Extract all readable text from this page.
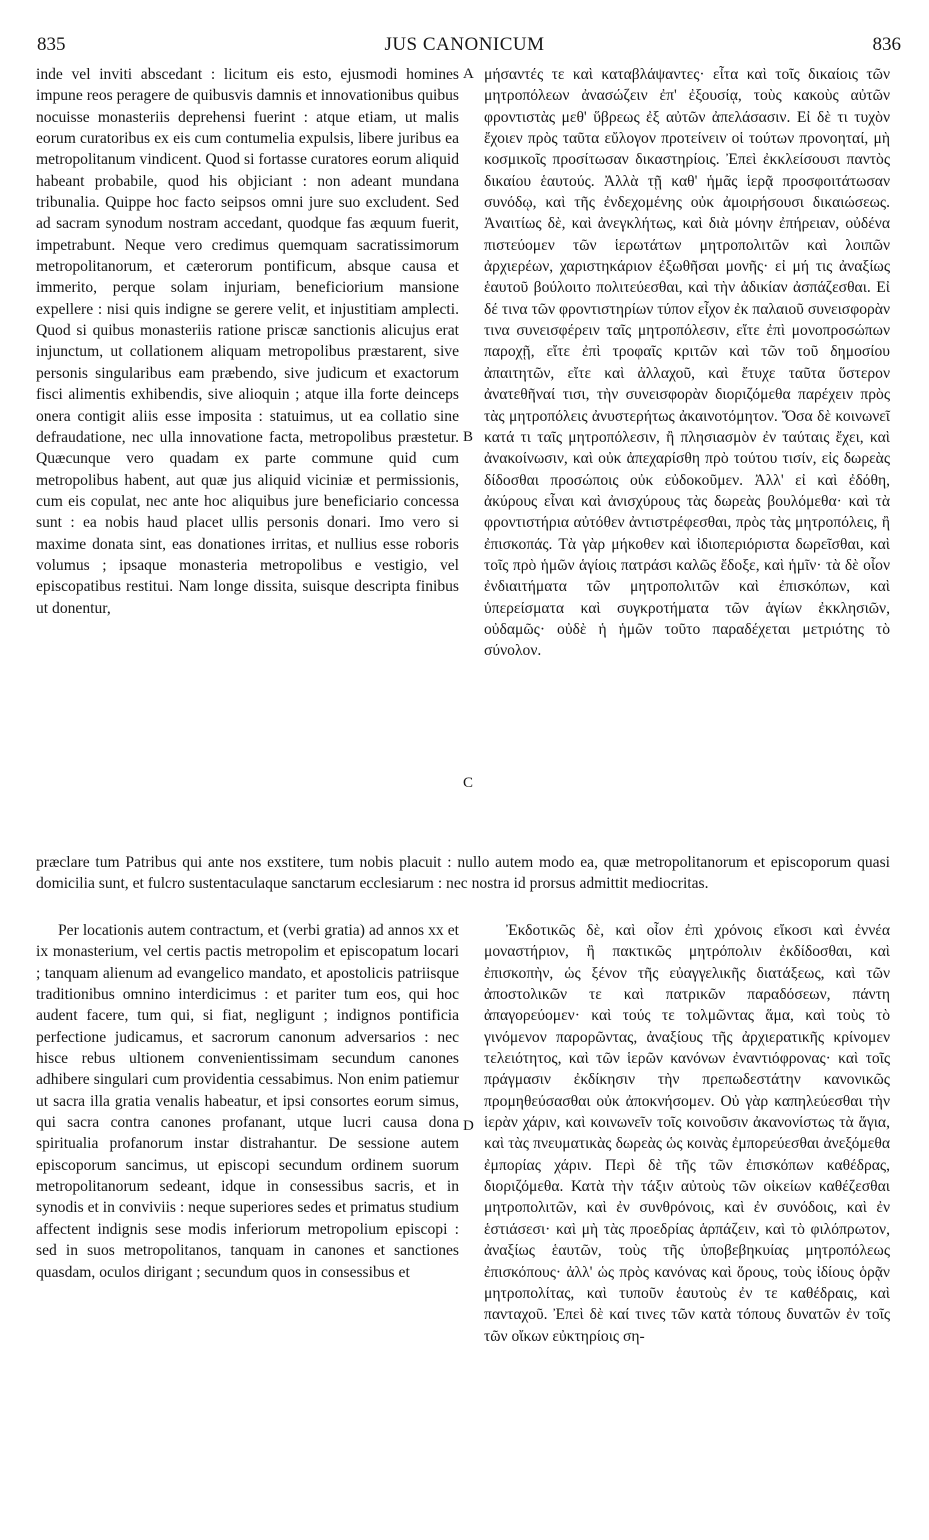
835	JUS CANONICUM	836

inde vel inviti abscedant : licitum eis esto, ejusmodi homines impune reos peragere de quibusvis damnis et innovationibus quibus nocuisse monasteriis deprehensi fuerint : atque etiam, ut malis eorum curatoribus ex eis cum contumelia expulsis, libere juribus ea metropolitanum vindicent. Quod si fortasse curatores eorum aliquid habeant probabile, quod his objiciant : non adeant mundana tribunalia. Quippe hoc facto seipsos omni jure suo excludent. Sed ad sacram synodum nostram accedant, quodque fas æquum fuerit, impetrabunt. Neque vero credimus quemquam sacratissimorum metropolitanorum, et cæterorum pontificum, absque causa et immerito, perque solam injuriam, beneficiorium mansione expellere : nisi quis indigne se gerere velit, et injustitiam amplecti. Quod si quibus monasteriis ratione priscæ sanctionis alicujus erat injunctum, ut collationem aliquam metropolibus præstarent, sive personis singularibus eam præbendo, sive judicum et exactorum fisci alimentis exhibendis, sive alioquin ; atque illa forte deinceps onera contigit aliis esse imposita : statuimus, ut ea collatio sine defraudatione, nec ulla innovatione facta, metropolibus præstetur. Quæcunque vero quadam ex parte commune quid cum metropolibus habent, aut quæ jus aliquid viciniæ et permissionis, cum eis copulat, nec ante hoc aliquibus jure beneficiario concessa sunt : ea nobis haud placet ullis personis donari. Imo vero si maxime donata sint, eas donationes irritas, et nullius esse roboris volumus ; ipsaque monasteria metropolibus e vestigio, vel episcopatibus restitui. Nam longe dissita, suisque descripta finibus ut donentur,

A
B
C
D

μήσαντές τε καὶ καταβλάψαντες· εἶτα καὶ τοῖς δικαίοις τῶν μητροπόλεων ἀνασώζειν ἐπ' ἐξουσίᾳ, τοὺς κακοὺς αὐτῶν φροντιστὰς μεθ' ὕβρεως ἐξ αὐτῶν ἀπελάσασιν. Εἰ δὲ τι τυχὸν ἔχοιεν πρὸς ταῦτα εὔλογον προτείνειν οἱ τούτων προνοηταί, μὴ κοσμικοῖς προσίτωσαν δικαστηρίοις. Ἐπεὶ ἐκκλείσουσι παντὸς δικαίου ἑαυτούς. Ἀλλὰ τῇ καθ' ἡμᾶς ἱερᾷ προσφοιτάτωσαν συνόδῳ, καὶ τῆς ἐνδεχομένης οὐκ ἀμοιρήσουσι δικαιώσεως. Ἀναιτίως δὲ, καὶ ἀνεγκλήτως, καὶ διὰ μόνην ἐπήρειαν, οὐδένα πιστεύομεν τῶν ἱερωτάτων μητροπολιτῶν καὶ λοιπῶν ἀρχιερέων, χαριστηκάριον ἐξωθῆσαι μονῆς· εἰ μή τις ἀναξίως ἑαυτοῦ βούλοιτο πολιτεύεσθαι, καὶ τὴν ἀδικίαν ἀσπάζεσθαι. Εἰ δέ τινα τῶν φροντιστηρίων τύπον εἶχον ἐκ παλαιοῦ συνεισφορὰν τινα συνεισφέρειν ταῖς μητροπόλεσιν, εἴτε ἐπὶ μονοπροσώπων παροχῇ, εἴτε ἐπὶ τροφαῖς κριτῶν καὶ τῶν τοῦ δημοσίου ἀπαιτητῶν, εἴτε καὶ ἀλλαχοῦ, καὶ ἔτυχε ταῦτα ὕστερον ἀνατεθῆναί τισι, τὴν συνεισφορὰν διοριζόμεθα παρέχειν πρὸς τὰς μητροπόλεις ἀνυστερήτως ἀκαινοτόμητον. Ὅσα δὲ κοινωνεῖ κατά τι ταῖς μητροπόλεσιν, ἢ πλησιασμὸν ἐν ταύταις ἔχει, καὶ ἀνακοίνωσιν, καὶ οὐκ ἀπεχαρίσθη πρὸ τούτου τισίν, εἰς δωρεὰς δίδοσθαι προσώποις οὐκ εὐδοκοῦμεν. Ἀλλ' εἰ καὶ ἐδόθη, ἀκύρους εἶναι καὶ ἀνισχύρους τὰς δωρεὰς βουλόμεθα· καὶ τὰ φροντιστήρια αὐτόθεν ἀντιστρέφεσθαι, πρὸς τὰς μητροπόλεις, ἢ ἐπισκοπάς. Τὰ γὰρ μήκοθεν καὶ ἰδιοπεριόριστα δωρεῖσθαι, καὶ τοῖς πρὸ ἡμῶν ἁγίοις πατράσι καλῶς ἔδοξε, καὶ ἡμῖν· τὰ δὲ οἷον ἐνδιαιτήματα τῶν μητροπολιτῶν καὶ ἐπισκόπων, καὶ ὑπερείσματα καὶ συγκροτήματα τῶν ἁγίων ἐκκλησιῶν, οὐδαμῶς· οὐδὲ ἡ ἡμῶν τοῦτο παραδέχεται μετριότης τὸ σύνολον.

præclare tum Patribus qui ante nos exstitere, tum nobis placuit : nullo autem modo ea, quæ metropolitanorum et episcoporum quasi domicilia sunt, et fulcro sustentaculaque sanctarum ecclesiarum : nec nostra id prorsus admittit mediocritas.

Per locationis autem contractum, et (verbi gratia) ad annos xx et ix monasterium, vel certis pactis metropolim et episcopatum locari ; tanquam alienum ad evangelico mandato, et apostolicis patriisque traditionibus omnino interdicimus : et pariter tum eos, qui hoc audent facere, tum qui, si fiat, negligunt ; indignos pontificia perfectione judicamus, et sacrorum canonum adversarios : nec hisce rebus ultionem convenientissimam secundum canones adhibere singulari cum providentia cessabimus. Non enim patiemur ut sacra illa gratia venalis habeatur, et ipsi consortes eorum simus, qui sacra contra canones profanant, utque lucri causa dona spiritualia profanorum instar distrahantur. De sessione autem episcoporum sancimus, ut episcopi secundum ordinem suorum metropolitanorum sedeant, idque in consessibus sacris, et in synodis et in conviviis : neque superiores sedes et primatus studium affectent indignis sese modis inferiorum metropolium episcopi : sed in suos metropolitanos, tanquam in canones et sanctiones quasdam, oculos dirigant ; secundum quos in consessibus et

Ἐκδοτικῶς δὲ, καὶ οἷον ἐπὶ χρόνοις εἴκοσι καὶ ἐννέα μοναστήριον, ἢ πακτικῶς μητρόπολιν ἐκδίδοσθαι, καὶ ἐπισκοπὴν, ὡς ξένον τῆς εὐαγγελικῆς διατάξεως, καὶ τῶν ἀποστολικῶν τε καὶ πατρικῶν παραδόσεων, πάντη ἀπαγορεύομεν· καὶ τούς τε τολμῶντας ἅμα, καὶ τοὺς τὸ γινόμενον παρορῶντας, ἀναξίους τῆς ἀρχιερατικῆς κρίνομεν τελειότητος, καὶ τῶν ἱερῶν κανόνων ἐναντιόφρονας· καὶ τοῖς πράγμασιν ἐκδίκησιν τὴν πρεπωδεστάτην κανονικῶς προμηθεύσασθαι οὐκ ἀποκνήσομεν. Οὐ γὰρ καπηλεύεσθαι τὴν ἱερὰν χάριν, καὶ κοινωνεῖν τοῖς κοινοῦσιν ἀκανονίστως τὰ ἅγια, καὶ τὰς πνευματικὰς δωρεὰς ὡς κοινὰς ἐμπορεύεσθαι ἀνεξόμεθα ἐμπορίας χάριν. Περὶ δὲ τῆς τῶν ἐπισκόπων καθέδρας, διοριζόμεθα. Κατὰ τὴν τάξιν αὐτοὺς τῶν οἰκείων καθέζεσθαι μητροπολιτῶν, καὶ ἐν συνθρόνοις, καὶ ἐν συνόδοις, καὶ ἐν ἑστιάσεσι· καὶ μὴ τὰς προεδρίας ἁρπάζειν, καὶ τὸ φιλόπρωτον, ἀναξίως ἑαυτῶν, τοὺς τῆς ὑποβεβηκυίας μητροπόλεως ἐπισκόπους· ἀλλ' ὡς πρὸς κανόνας καὶ ὅρους, τοὺς ἰδίους ὁρᾷν μητροπολίτας, καὶ τυποῦν ἑαυτοὺς ἐν τε καθέδραις, καὶ πανταχοῦ. Ἐπεὶ δὲ καί τινες τῶν κατὰ τόπους δυνατῶν ἐν τοῖς τῶν οἴκων εὐκτηρίοις ση-
